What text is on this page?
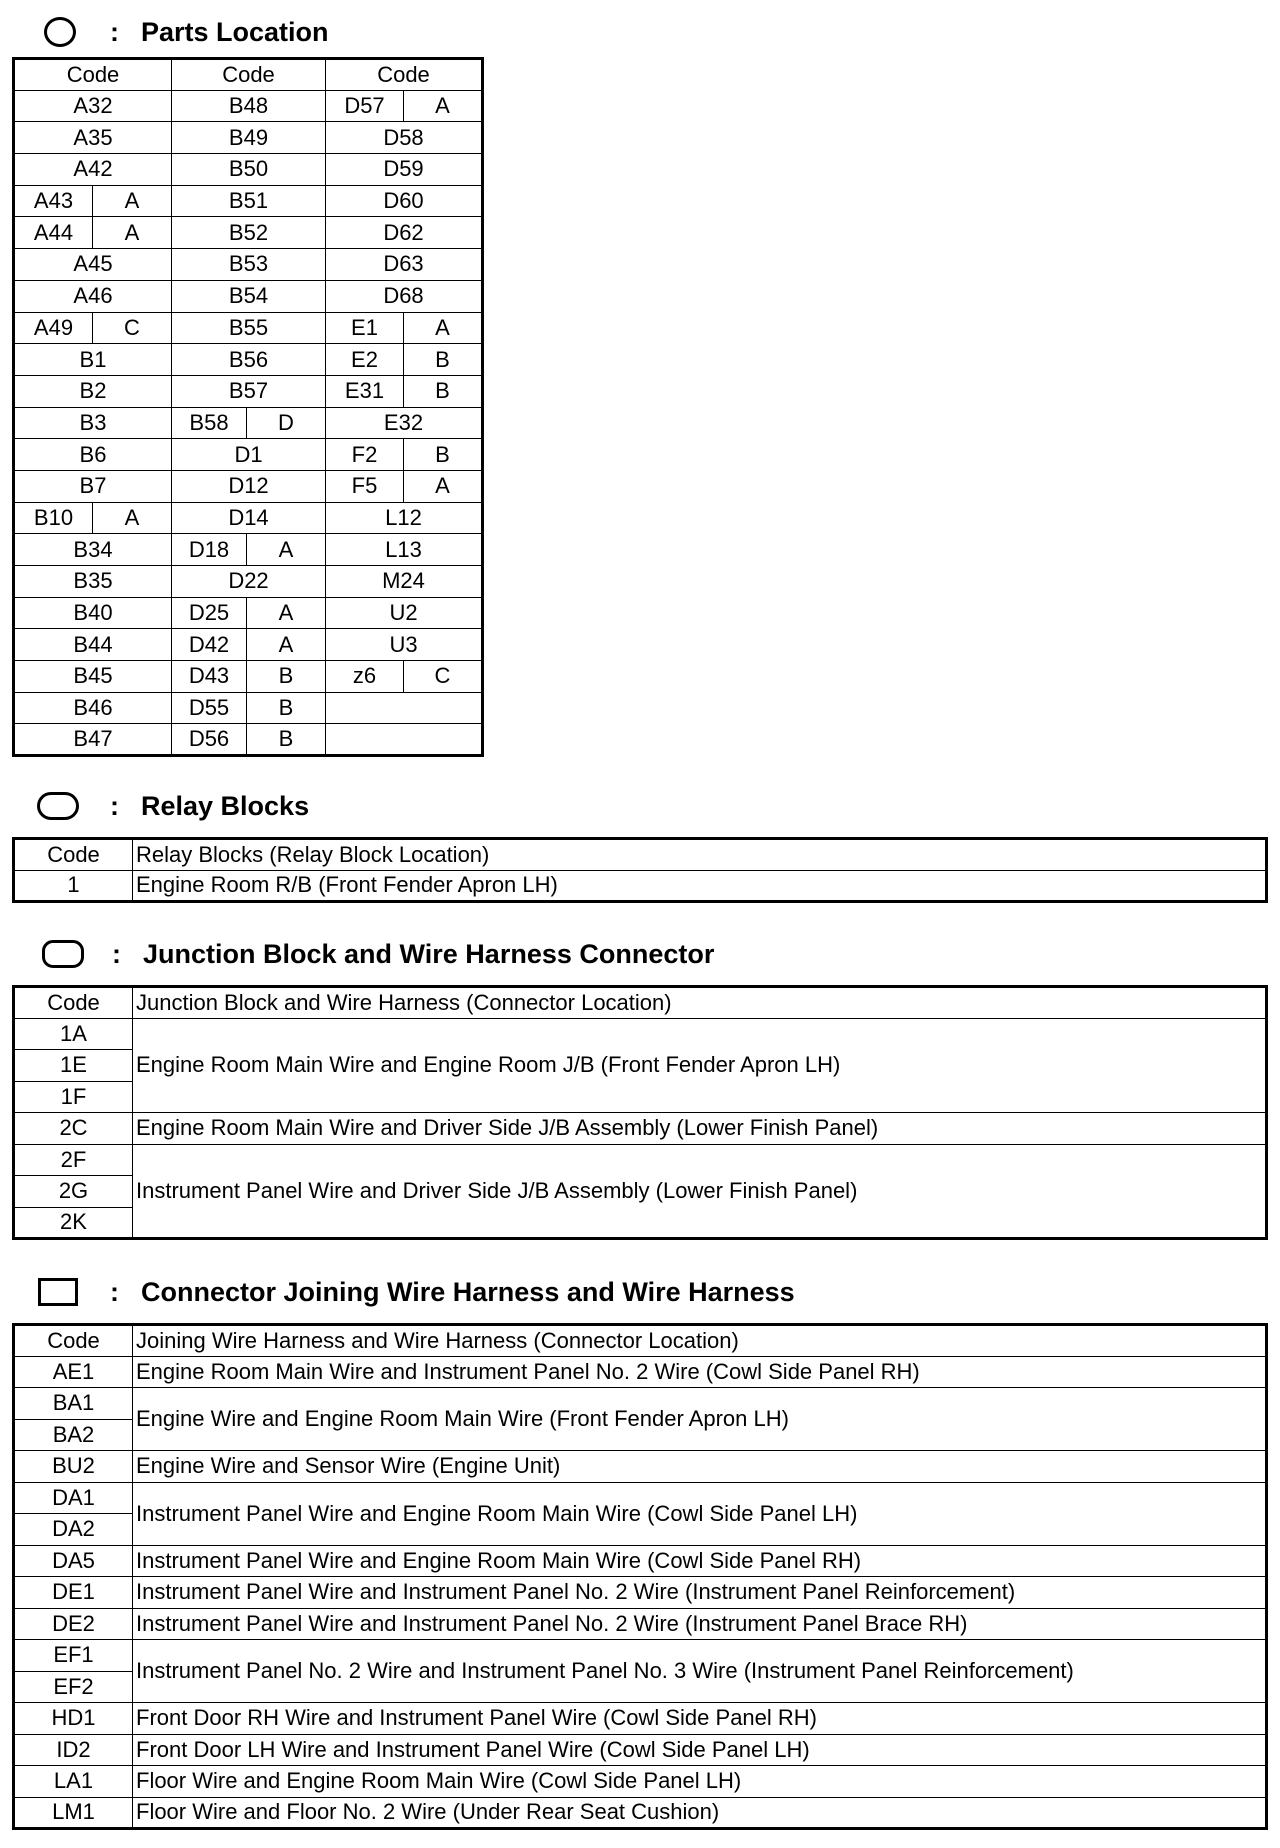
: Parts Location
Code		Code		Code	
A32		B48		D57	A
A35		B49		D58	
A42		B50		D59	
A43	A	B51		D60	
A44	A	B52		D62	
A45		B53		D63	
A46		B54		D68	
A49	C	B55		E1	A
B1		B56		E2	B
B2		B57		E31	B
B3		B58	D	E32	
B6		D1		F2	B
B7		D12		F5	A
B10	A	D14		L12	
B34		D18	A	L13	
B35		D22		M24	
B40		D25	A	U2	
B44		D42	A	U3	
B45		D43	B	z6	C
B46		D55	B		
B47		D56	B		
: Relay Blocks
Code	Relay Blocks (Relay Block Location)
1	Engine Room R/B (Front Fender Apron LH)
: Junction Block and Wire Harness Connector
Code	Junction Block and Wire Harness (Connector Location)
1A	Engine Room Main Wire and Engine Room J/B (Front Fender Apron LH)
1E	
1F	
2C	Engine Room Main Wire and Driver Side J/B Assembly (Lower Finish Panel)
2F	Instrument Panel Wire and Driver Side J/B Assembly (Lower Finish Panel)
2G	
2K	
: Connector Joining Wire Harness and Wire Harness
Code	Joining Wire Harness and Wire Harness (Connector Location)
AE1	Engine Room Main Wire and Instrument Panel No. 2 Wire (Cowl Side Panel RH)
BA1	Engine Wire and Engine Room Main Wire (Front Fender Apron LH)
BA2	
BU2	Engine Wire and Sensor Wire (Engine Unit)
DA1	Instrument Panel Wire and Engine Room Main Wire (Cowl Side Panel LH)
DA2	
DA5	Instrument Panel Wire and Engine Room Main Wire (Cowl Side Panel RH)
DE1	Instrument Panel Wire and Instrument Panel No. 2 Wire (Instrument Panel Reinforcement)
DE2	Instrument Panel Wire and Instrument Panel No. 2 Wire (Instrument Panel Brace RH)
EF1	Instrument Panel No. 2 Wire and Instrument Panel No. 3 Wire (Instrument Panel Reinforcement)
EF2	
HD1	Front Door RH Wire and Instrument Panel Wire (Cowl Side Panel RH)
ID2	Front Door LH Wire and Instrument Panel Wire (Cowl Side Panel LH)
LA1	Floor Wire and Engine Room Main Wire (Cowl Side Panel LH)
LM1	Floor Wire and Floor No. 2 Wire (Under Rear Seat Cushion)
